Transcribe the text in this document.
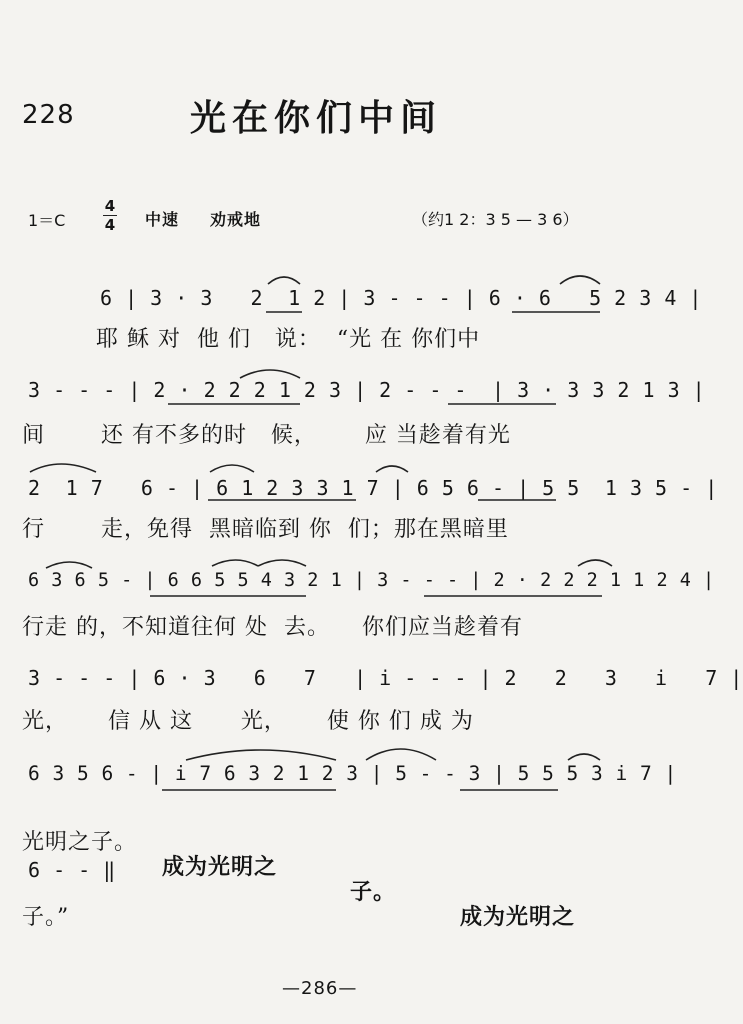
228	光在你们中间
1＝C
4
4 中速 劝戒地	（约1 2：3 5 — 3 6）
6 | 3 · 3   2  1 2 | 3 - - - | 6 · 6   5 2 3 4 |
耶 稣 对  他 们   说：  “光 在 你们中
3 - - - | 2 · 2 2 2 1 2 3 | 2 - - -  | 3 · 3 3 2 1 3 |
间       还 有不多的时   候，      应 当趁着有光
2  1 7   6 - | 6 1 2 3 3 1 7 | 6 5 6 - | 5 5  1 3 5 - |
行       走，免得  黑暗临到 你  们；那在黑暗里
6 3 6 5 - | 6 6 5 5 4 3 2 1 | 3 - - - | 2 · 2 2 2 1 1 2 4 |
行走 的，不知道往何 处  去。    你们应当趁着有
3 - - - | 6 · 3   6   7   | i - - - | 2   2   3   i   7 |
光，     信 从 这      光，     使 你 们 成 为
6 3 5 6 - | i 7 6 3 2 1 2 3 | 5 - - 3 | 5 5 5 3 i 7 |

光明之子。

成为光明之

子。

成为光明之

6 - - ‖
子。”
—286—
